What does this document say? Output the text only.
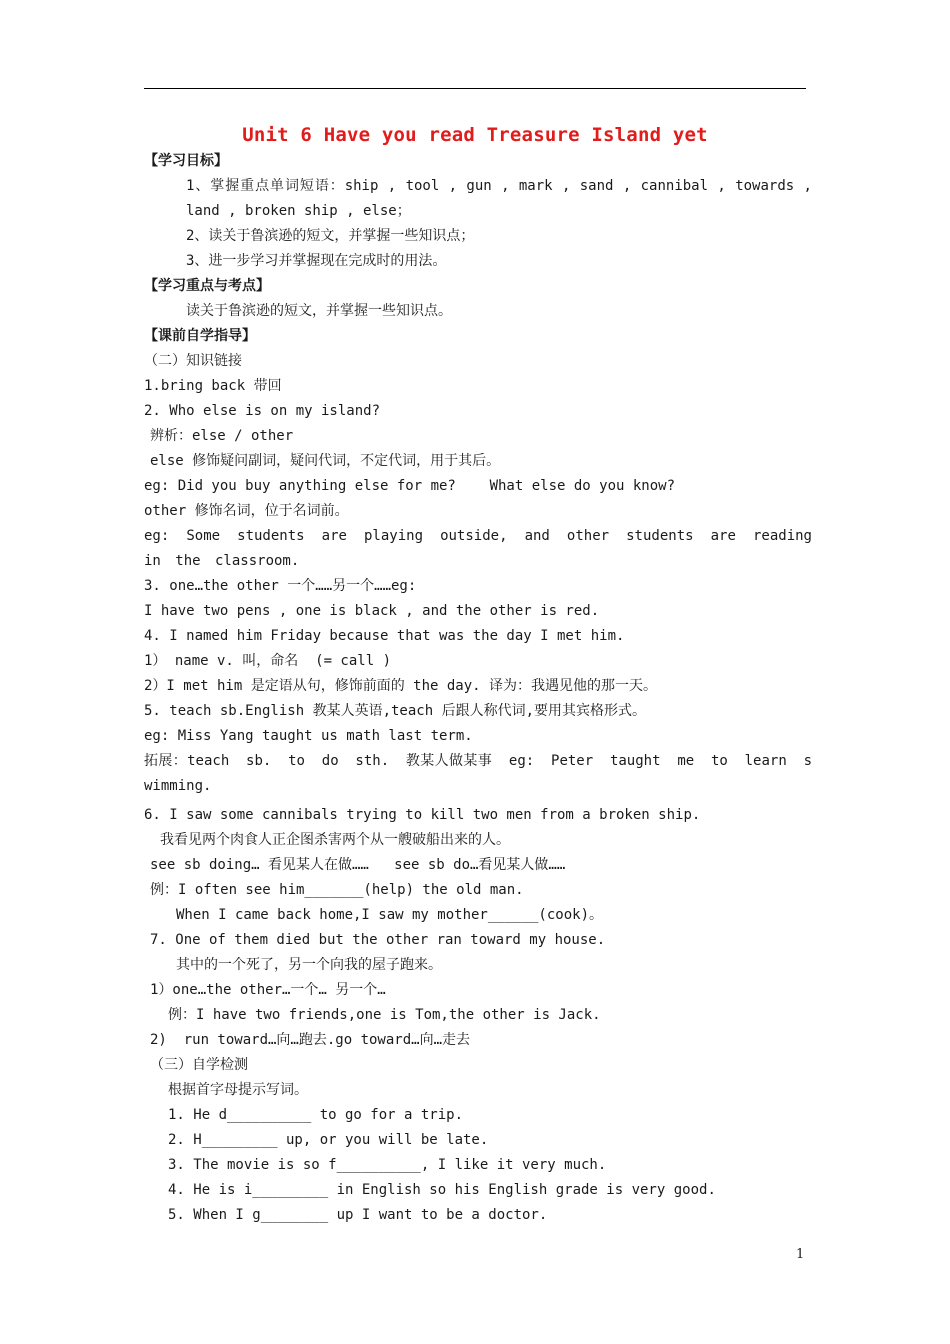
Unit 6 Have you read Treasure Island yet
【学习目标】
1、掌握重点单词短语：ship , tool , gun , mark , sand , cannibal , towards , land , broken ship , else；
2、读关于鲁滨逊的短文，并掌握一些知识点；
3、进一步学习并掌握现在完成时的用法。
【学习重点与考点】
读关于鲁滨逊的短文，并掌握一些知识点。
【课前自学指导】
（二）知识链接
1.bring back 带回
2. Who else is on my island?
辨析：else / other
else 修饰疑问副词，疑问代词，不定代词，用于其后。
eg: Did you buy anything else for me?    What else do you know?
other 修饰名词，位于名词前。
eg: Some students are playing outside, and other students are reading in the classroom.
3. one…the other 一个……另一个……eg:
I have two pens , one is black , and the other is red.
4. I named him Friday because that was the day I met him.
1） name v. 叫，命名  (= call )
2）I met him 是定语从句，修饰前面的 the day. 译为：我遇见他的那一天。
5. teach sb.English 教某人英语,teach 后跟人称代词,要用其宾格形式。
eg: Miss Yang taught us math last term.
拓展：teach sb. to do sth. 教某人做某事 eg: Peter taught me to learn swimming.
6. I saw some cannibals trying to kill two men from a broken ship.
我看见两个肉食人正企图杀害两个从一艘破船出来的人。
see sb doing… 看见某人在做……   see sb do…看见某人做……
例：I often see him_______(help) the old man.
When I came back home,I saw my mother______(cook)。
7. One of them died but the other ran toward my house.
其中的一个死了，另一个向我的屋子跑来。
1）one…the other…一个… 另一个…
例：I have two friends,one is Tom,the other is Jack.
2)  run toward…向…跑去.go toward…向…走去
（三）自学检测
根据首字母提示写词。
1. He d__________ to go for a trip.
2. H_________ up, or you will be late.
3. The movie is so f__________, I like it very much.
4. He is i_________ in English so his English grade is very good.
5. When I g________ up I want to be a doctor.
1
